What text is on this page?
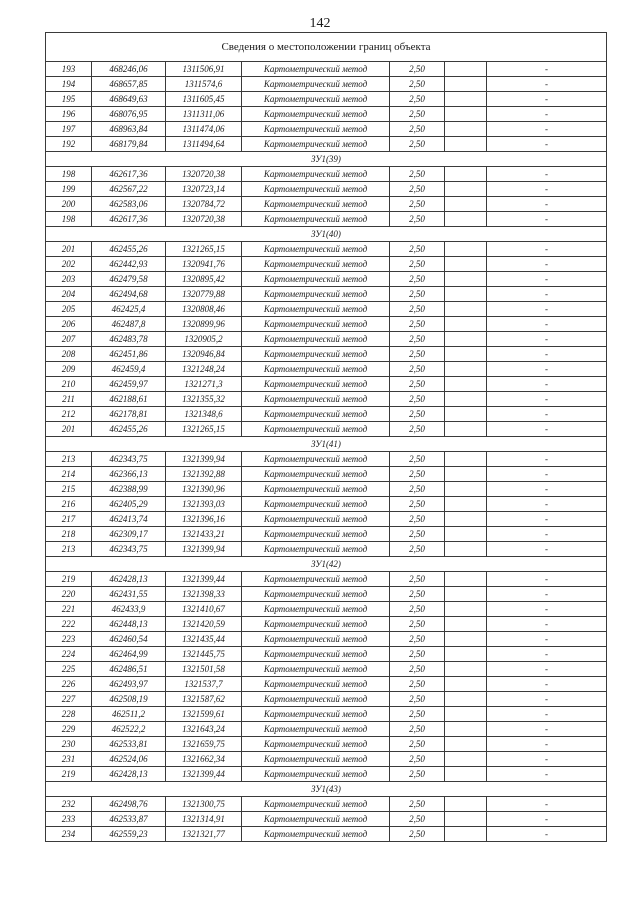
142
Сведения о местоположении границ объекта						
193	468246,06	1311506,91	Картометрический метод	2,50		-
194	468657,85	1311574,6	Картометрический метод	2,50		-
195	468649,63	1311605,45	Картометрический метод	2,50		-
196	468076,95	1311311,06	Картометрический метод	2,50		-
197	468963,84	1311474,06	Картометрический метод	2,50		-
192	468179,84	1311494,64	Картометрический метод	2,50		-
ЗУ1(39)						
198	462617,36	1320720,38	Картометрический метод	2,50		-
199	462567,22	1320723,14	Картометрический метод	2,50		-
200	462583,06	1320784,72	Картометрический метод	2,50		-
198	462617,36	1320720,38	Картометрический метод	2,50		-
ЗУ1(40)						
201	462455,26	1321265,15	Картометрический метод	2,50		-
202	462442,93	1320941,76	Картометрический метод	2,50		-
203	462479,58	1320895,42	Картометрический метод	2,50		-
204	462494,68	1320779,88	Картометрический метод	2,50		-
205	462425,4	1320808,46	Картометрический метод	2,50		-
206	462487,8	1320899,96	Картометрический метод	2,50		-
207	462483,78	1320905,2	Картометрический метод	2,50		-
208	462451,86	1320946,84	Картометрический метод	2,50		-
209	462459,4	1321248,24	Картометрический метод	2,50		-
210	462459,97	1321271,3	Картометрический метод	2,50		-
211	462188,61	1321355,32	Картометрический метод	2,50		-
212	462178,81	1321348,6	Картометрический метод	2,50		-
201	462455,26	1321265,15	Картометрический метод	2,50		-
ЗУ1(41)						
213	462343,75	1321399,94	Картометрический метод	2,50		-
214	462366,13	1321392,88	Картометрический метод	2,50		-
215	462388,99	1321390,96	Картометрический метод	2,50		-
216	462405,29	1321393,03	Картометрический метод	2,50		-
217	462413,74	1321396,16	Картометрический метод	2,50		-
218	462309,17	1321433,21	Картометрический метод	2,50		-
213	462343,75	1321399,94	Картометрический метод	2,50		-
ЗУ1(42)						
219	462428,13	1321399,44	Картометрический метод	2,50		-
220	462431,55	1321398,33	Картометрический метод	2,50		-
221	462433,9	1321410,67	Картометрический метод	2,50		-
222	462448,13	1321420,59	Картометрический метод	2,50		-
223	462460,54	1321435,44	Картометрический метод	2,50		-
224	462464,99	1321445,75	Картометрический метод	2,50		-
225	462486,51	1321501,58	Картометрический метод	2,50		-
226	462493,97	1321537,7	Картометрический метод	2,50		-
227	462508,19	1321587,62	Картометрический метод	2,50		-
228	462511,2	1321599,61	Картометрический метод	2,50		-
229	462522,2	1321643,24	Картометрический метод	2,50		-
230	462533,81	1321659,75	Картометрический метод	2,50		-
231	462524,06	1321662,34	Картометрический метод	2,50		-
219	462428,13	1321399,44	Картометрический метод	2,50		-
ЗУ1(43)						
232	462498,76	1321300,75	Картометрический метод	2,50		-
233	462533,87	1321314,91	Картометрический метод	2,50		-
234	462559,23	1321321,77	Картометрический метод	2,50		-
